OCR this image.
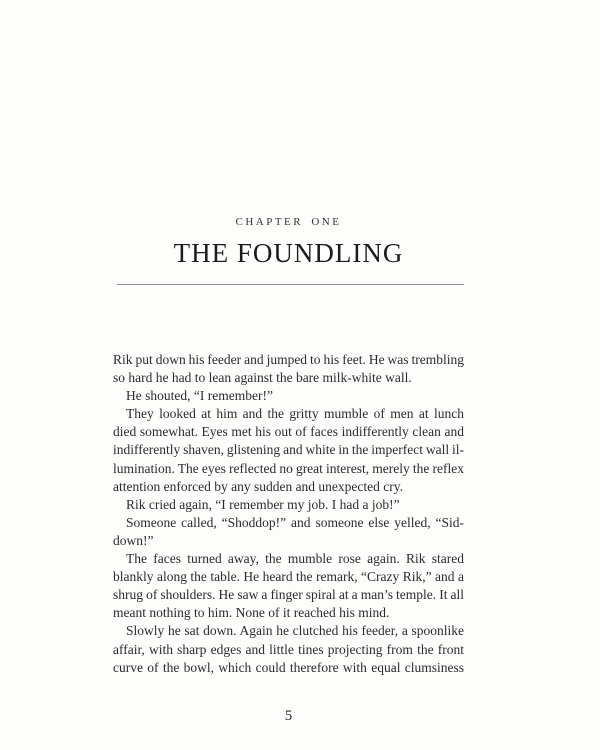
CHAPTER ONE
THE FOUNDLING
Rik put down his feeder and jumped to his feet. He was trembling
so hard he had to lean against the bare milk-white wall.
He shouted, “I remember!”
They looked at him and the gritty mumble of men at lunch
died somewhat. Eyes met his out of faces indifferently clean and
indifferently shaven, glistening and white in the imperfect wall il-
lumination. The eyes reflected no great interest, merely the reflex
attention enforced by any sudden and unexpected cry.
Rik cried again, “I remember my job. I had a job!”
Someone called, “Shoddop!” and someone else yelled, “Sid-
down!”
The faces turned away, the mumble rose again. Rik stared
blankly along the table. He heard the remark, “Crazy Rik,” and a
shrug of shoulders. He saw a finger spiral at a man’s temple. It all
meant nothing to him. None of it reached his mind.
Slowly he sat down. Again he clutched his feeder, a spoonlike
affair, with sharp edges and little tines projecting from the front
curve of the bowl, which could therefore with equal clumsiness
5
